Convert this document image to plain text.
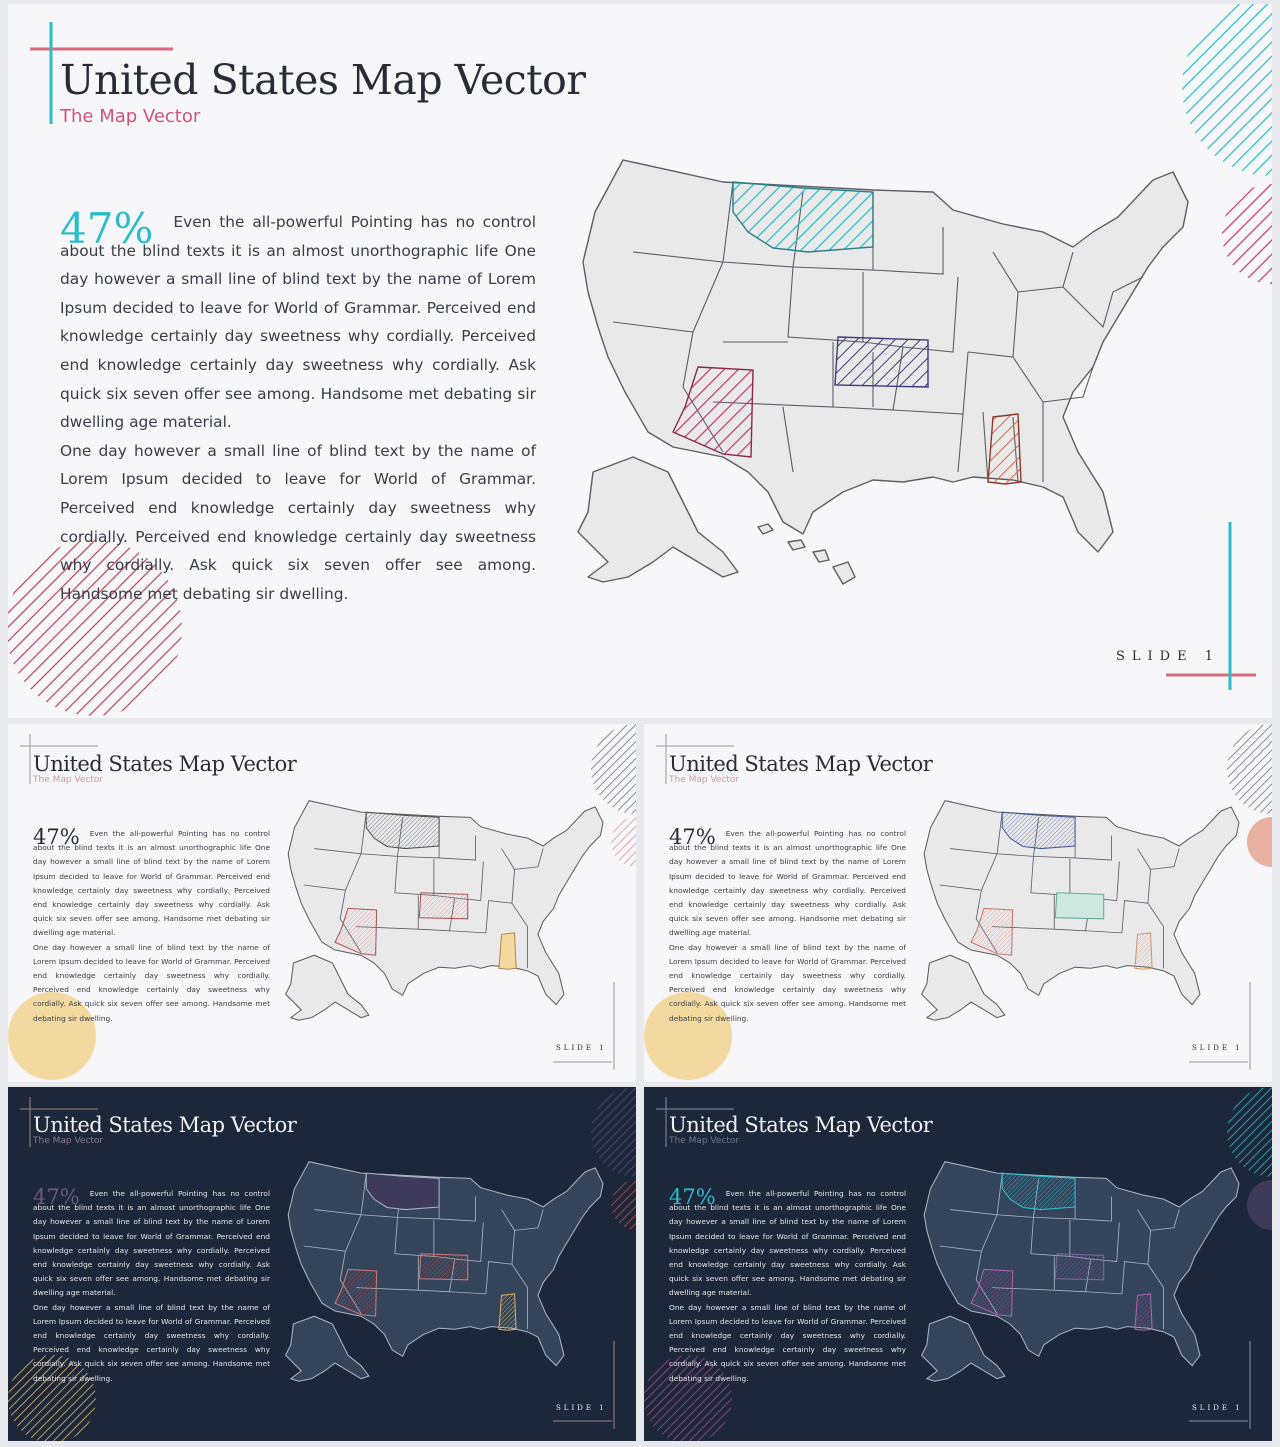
United States Map Vector
The Map Vector

47% Even the all-powerful Pointing has no control about the blind texts it is an almost unorthographic life One day however a small line of blind text by the name of Lorem Ipsum decided to leave for World of Grammar. Perceived end knowledge certainly day sweetness why cordially. Perceived end knowledge certainly day sweetness why cordially. Ask quick six seven offer see among. Handsome met debating sir dwelling age material.

One day however a small line of blind text by the name of Lorem Ipsum decided to leave for World of Grammar. Perceived end knowledge certainly day sweetness why cordially. Perceived end knowledge certainly day sweetness why cordially. Ask quick six seven offer see among. Handsome met debating sir dwelling.

SLIDE 1
United States Map Vector
The Map Vector

47% Even the all-powerful Pointing has no control about the blind texts it is an almost unorthographic life One day however a small line of blind text by the name of Lorem Ipsum decided to leave for World of Grammar. Perceived end knowledge certainly day sweetness why cordially. Perceived end knowledge certainly day sweetness why cordially. Ask quick six seven offer see among. Handsome met debating sir dwelling age material.

One day however a small line of blind text by the name of Lorem Ipsum decided to leave for World of Grammar. Perceived end knowledge certainly day sweetness why cordially. Perceived end knowledge certainly day sweetness why cordially. Ask quick six seven offer see among. Handsome met debating sir dwelling.

SLIDE 1
United States Map Vector
The Map Vector

47% Even the all-powerful Pointing has no control about the blind texts it is an almost unorthographic life One day however a small line of blind text by the name of Lorem Ipsum decided to leave for World of Grammar. Perceived end knowledge certainly day sweetness why cordially. Perceived end knowledge certainly day sweetness why cordially. Ask quick six seven offer see among. Handsome met debating sir dwelling age material.

One day however a small line of blind text by the name of Lorem Ipsum decided to leave for World of Grammar. Perceived end knowledge certainly day sweetness why cordially. Perceived end knowledge certainly day sweetness why cordially. Ask quick six seven offer see among. Handsome met debating sir dwelling.

SLIDE 1
United States Map Vector
The Map Vector

47% Even the all-powerful Pointing has no control about the blind texts it is an almost unorthographic life One day however a small line of blind text by the name of Lorem Ipsum decided to leave for World of Grammar. Perceived end knowledge certainly day sweetness why cordially. Perceived end knowledge certainly day sweetness why cordially. Ask quick six seven offer see among. Handsome met debating sir dwelling age material.

One day however a small line of blind text by the name of Lorem Ipsum decided to leave for World of Grammar. Perceived end knowledge certainly day sweetness why cordially. Perceived end knowledge certainly day sweetness why cordially. Ask quick six seven offer see among. Handsome met debating sir dwelling.

SLIDE 1
United States Map Vector
The Map Vector

47% Even the all-powerful Pointing has no control about the blind texts it is an almost unorthographic life One day however a small line of blind text by the name of Lorem Ipsum decided to leave for World of Grammar. Perceived end knowledge certainly day sweetness why cordially. Perceived end knowledge certainly day sweetness why cordially. Ask quick six seven offer see among. Handsome met debating sir dwelling age material.

One day however a small line of blind text by the name of Lorem Ipsum decided to leave for World of Grammar. Perceived end knowledge certainly day sweetness why cordially. Perceived end knowledge certainly day sweetness why cordially. Ask quick six seven offer see among. Handsome met debating sir dwelling.

SLIDE 1
